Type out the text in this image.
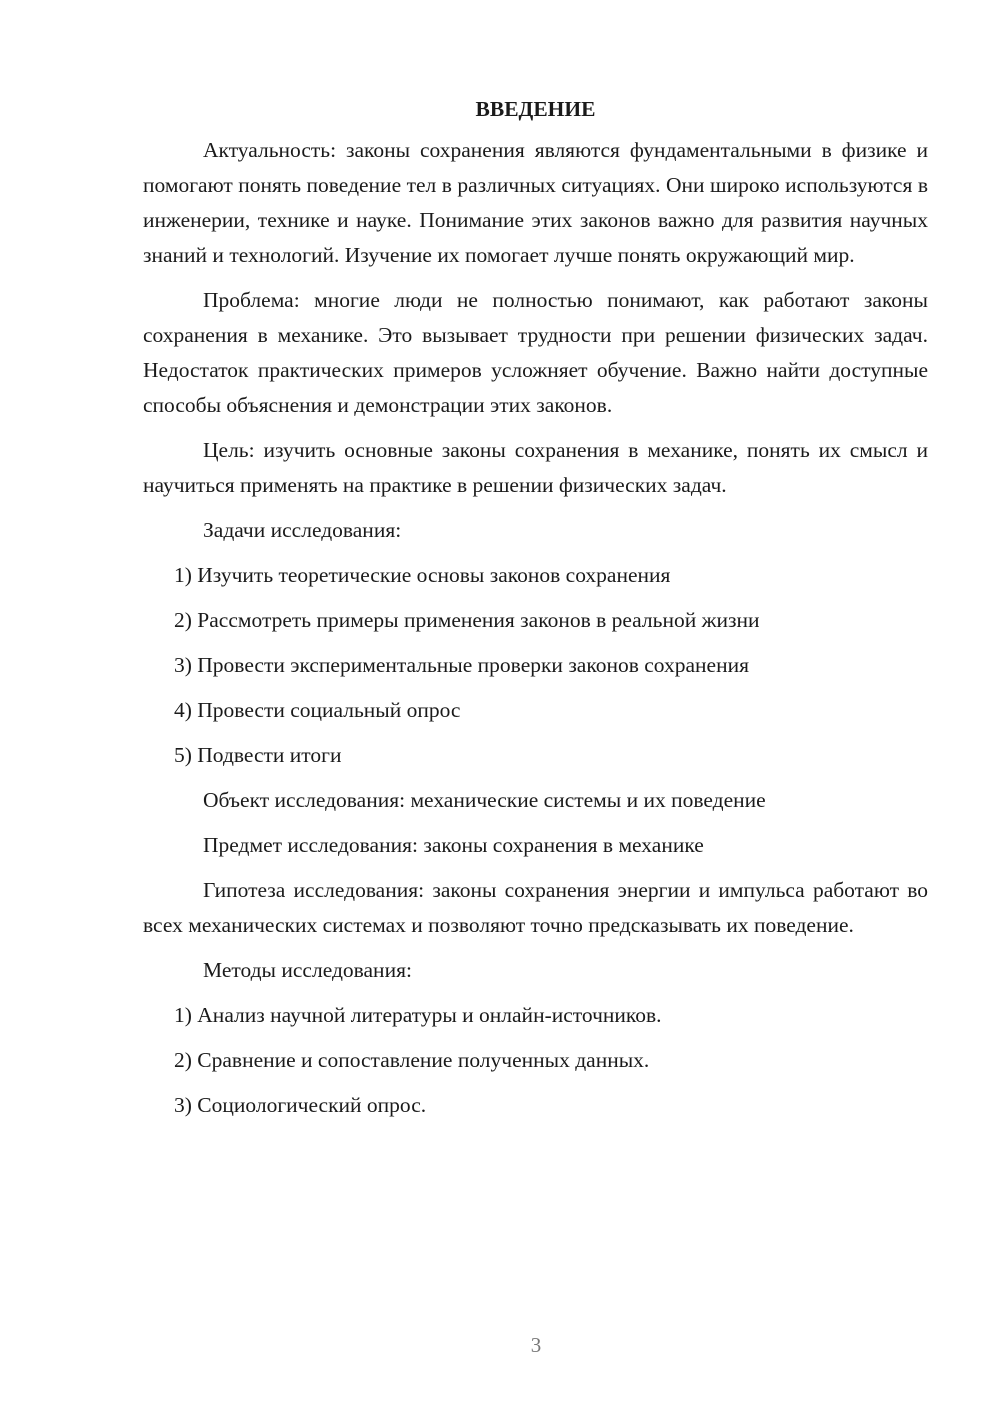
ВВЕДЕНИЕ

Актуальность: законы сохранения являются фундаментальными в физике и помогают понять поведение тел в различных ситуациях. Они широко используются в инженерии, технике и науке. Понимание этих законов важно для развития научных знаний и технологий. Изучение их помогает лучше понять окружающий мир.

Проблема: многие люди не полностью понимают, как работают законы сохранения в механике. Это вызывает трудности при решении физических задач. Недостаток практических примеров усложняет обучение. Важно найти доступные способы объяснения и демонстрации этих законов.

Цель: изучить основные законы сохранения в механике, понять их смысл и научиться применять на практике в решении физических задач.

Задачи исследования:
1) Изучить теоретические основы законов сохранения
2) Рассмотреть примеры применения законов в реальной жизни
3) Провести экспериментальные проверки законов сохранения
4) Провести социальный опрос
5) Подвести итоги
Объект исследования: механические системы и их поведение
Предмет исследования: законы сохранения в механике

Гипотеза исследования: законы сохранения энергии и импульса работают во всех механических системах и позволяют точно предсказывать их поведение.

Методы исследования:
1) Анализ научной литературы и онлайн-источников.
2) Сравнение и сопоставление полученных данных.
3) Социологический опрос.
3
